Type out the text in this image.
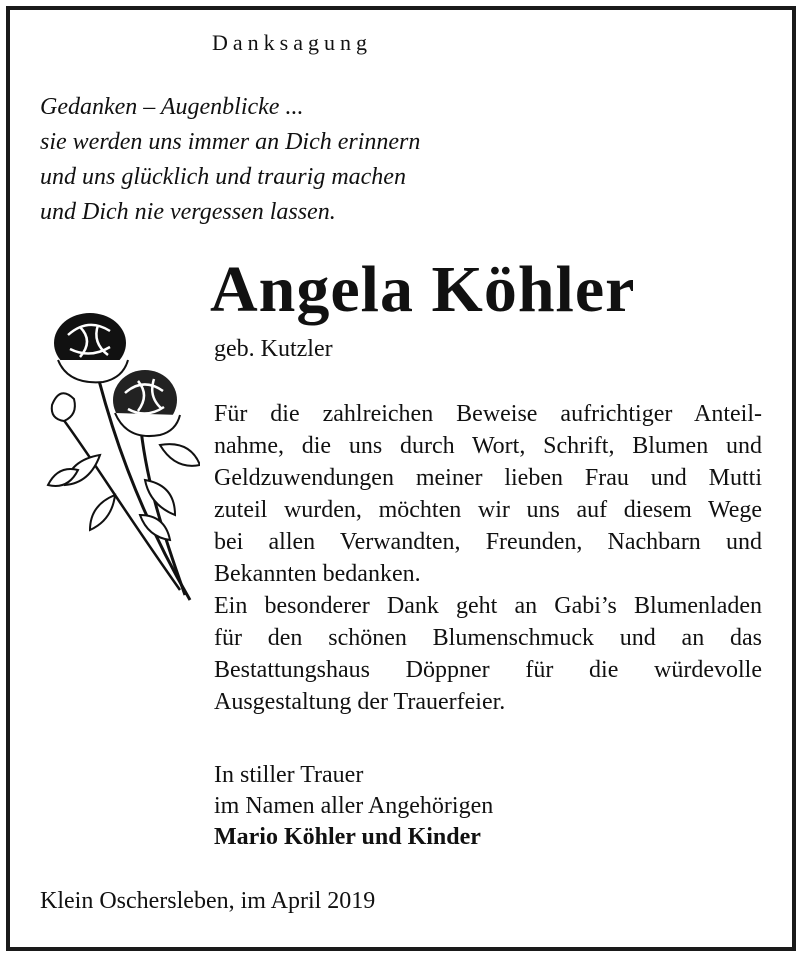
Danksagung
Gedanken – Augenblicke ...
sie werden uns immer an Dich erinnern
und uns glücklich und traurig machen
und Dich nie vergessen lassen.
Angela Köhler
geb. Kutzler
Für die zahlreichen Beweise aufrichtiger Anteil-
nahme, die uns durch Wort, Schrift, Blumen und
Geldzuwendungen meiner lieben Frau und Mutti
zuteil wurden, möchten wir uns auf diesem Wege
bei allen Verwandten, Freunden, Nachbarn und
Bekannten bedanken.
Ein besonderer Dank geht an Gabi’s Blumenladen
für den schönen Blumenschmuck und an das
Bestattungshaus Döppner für die würdevolle
Ausgestaltung der Trauerfeier.
In stiller Trauer
im Namen aller Angehörigen
Mario Köhler und Kinder
Klein Oschersleben, im April 2019
